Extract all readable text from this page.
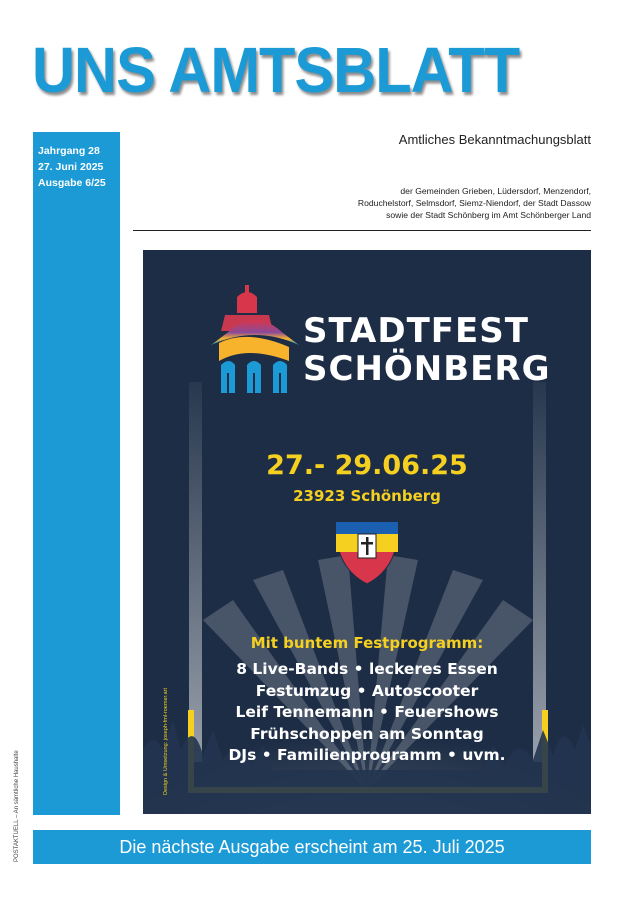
UNS AMTSBLATT
Jahrgang 28
27. Juni 2025
Ausgabe 6/25
Amtliches Bekanntmachungsblatt
der Gemeinden Grieben, Lüdersdorf, Menzendorf,
Roduchelstorf, Selmsdorf, Siemz-Niendorf, der Stadt Dassow
sowie der Stadt Schönberg im Amt Schönberger Land
STADTFEST
SCHÖNBERG
27.- 29.06.25
23923 Schönberg
Mit buntem Festprogramm:
8 Live-Bands • leckeres Essen
Festumzug • Autoscooter
Leif Tennemann • Feuershows
Frühschoppen am Sonntag
DJs • Familienprogramm • uvm.
Design & Umsetzung: joseph-fml-roemer.art
Die nächste Ausgabe erscheint am 25. Juli 2025
POSTAKTUELL – An sämtliche Haushalte
